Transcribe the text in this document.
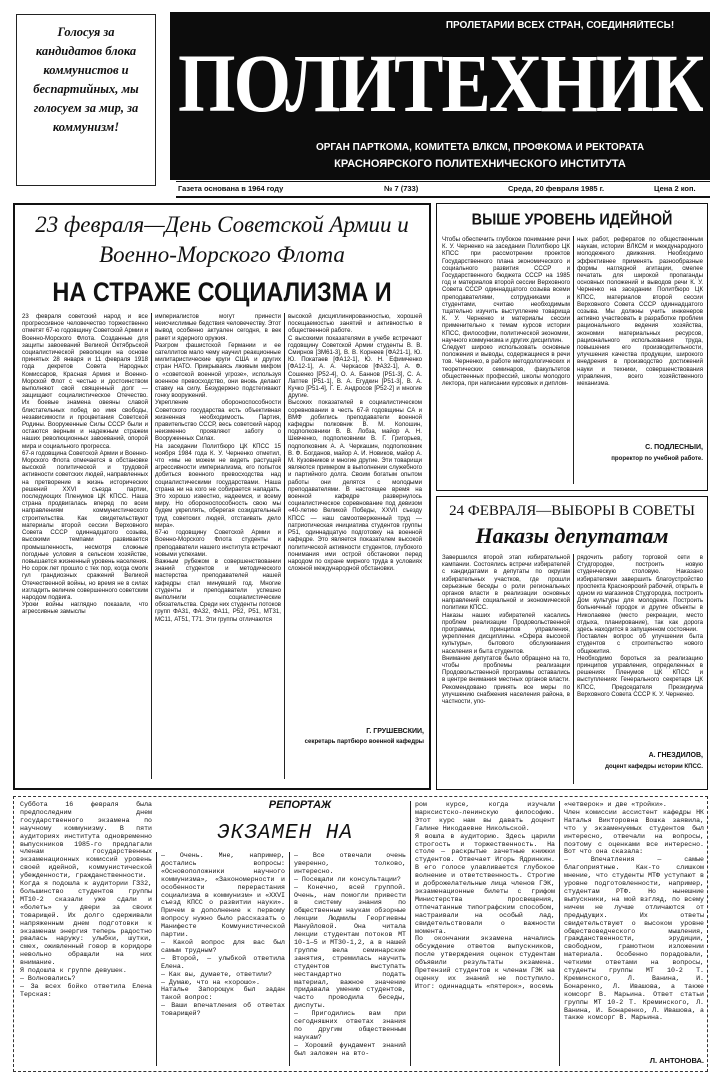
Голосуя за кандидатов блока коммунистов и беспартийных, мы голосуем за мир, за коммунизм!
ПРОЛЕТАРИИ ВСЕХ СТРАН, СОЕДИНЯЙТЕСЬ!
ПОЛИТЕХНИК
ОРГАН ПАРТКОМА, КОМИТЕТА ВЛКСМ, ПРОФКОМА И РЕКТОРАТА
КРАСНОЯРСКОГО ПОЛИТЕХНИЧЕСКОГО ИНСТИТУТА
Газета основана в 1964 году	№ 7 (733)	Среда, 20 февраля 1985 г.	Цена 2 коп.
23 февраля—День Советской Армии и Военно-Морского Флота
НА СТРАЖЕ СОЦИАЛИЗМА И
23 февраля советский народ и все прогрессивное человечество торжественно отметят 67-ю годовщину Советской Армии и Военно-Морского Флота. Созданные для защиты завоеваний Великой Октябрьской социалистической революции на основе принятых 28 января и 11 февраля 1918 года декретов Совета Народных Комиссаров, Красная Армия и Военно-Морской Флот с честью и достоинством выполняют свой священный долг — защищают социалистическое Отечество. Их боевые знамена овеяны славой блистательных побед во имя свободы, независимости и процветания Советской Родины. Вооруженные Силы СССР были и остаются верным и надежным стражем наших революционных завоеваний, опорой мира и социального прогресса.
67-я годовщина Советской Армии и Военно-Морского Флота отмечается в обстановке высокой политической и трудовой активности советских людей, направленных на претворение в жизнь исторических решений XXVI съезда партии, последующих Пленумов ЦК КПСС. Наша страна продвигалась вперед по всем направлениям коммунистического строительства. Как свидетельствуют материалы второй сессии Верховного Совета СССР одиннадцатого созыва, высокими темпами развивается промышленность, несмотря сложные погодные условия в сельском хозяйстве, повышается жизненный уровень населения.
Но сорок лет прошло с тех пор, когда смолк гул грандиозных сражений Великой Отечественной войны, но время не в силах изгладить величие совершенного советским народом подвига.
Уроки войны нагляднo показали, что агрессивные замыслы
империалистов могут принести неисчислимые бедствия человечеству. Этот вывод особенно актуален сегодня, в век ракет и ядерного оружия.
Разгром фашистской Германии и ее сателлитов мало чему научил реакционные милитаристические круги США и других стран НАТО. Прикрываясь лживым мифом о «советской военной угрозе», используя военное превосходство, они вновь делают ставку на силу. Безудержно подстегивают гонку вооружений.
Укрепление обороноспособности Советского государства есть объективная жизненная необходимость. Партия, правительство СССР, весь советский народ неизменно проявляют заботу о Вооруженных Силах.
На заседании Политбюро ЦК КПСС 15 ноября 1984 года К. У. Черненко отметил, что «мы не можем не видеть растущей агрессивности империализма, его попыток добиться военного превосходства над социалистическими государствами. Наша страна ни на кого не собирается нападать. Это хорошо известно, надеемся, и всему миру. Но обороноспособность свою мы будем укреплять, оберегая созидательный труд советских людей, отстаивать дело мира».
67-ю годовщину Советской Армии и Военно-Морского Флота студенты и преподаватели нашего института встречают новыми успехами.
Важным рубежом в совершенствовании знаний студентов и методического мастерства преподавателей нашей кафедры стал минувший год. Многие студенты и преподаватели успешно выполнили социалистические обязательства. Среди них студенты потоков групп ФА31, ФА32, ФА11, Р52, Р51, МТ31, МС11, АТ51, Т71. Эти группы отличаются
высокой дисциплинированностью, хорошей посещаемостью занятий и активностью в общественной работе.
С высокими показателями в учебе встречают годовщину Советской Армии студенты В. В. Смирнов [ЗМ61-3], В. В. Корнеев [ФА21-1], Ю. Ю. Покатаев [ФА12-1], Ю. Н. Ефимченко [ФА12-1], А. А. Черкасов [ФА32-1], А. Ф. Сошенко [Р52-4], О. А. Баннов [Р51-3], С. А. Лаптев [Р51-1], В. А. Егудкин [Р51-3], В. А. Кучко [Р51-4], Г. Е. Андросов [Р52-2] и многие другие.
Высоких показателей в социалистическом соревновании в честь 67-й годовщины СА и ВМФ добились преподаватели военной кафедры полковник В. М. Колошин, подполковники В. В. Лобза, майор А. Н. Шевченко, подполковники В. Г. Григорьев, подполковник А. А. Черкашин, подполковник В. Ф. Богданов, майор А. И. Новиков, майор А. М. Кузовников и многие другие. Эти товарищи являются примером в выполнении служебного и партийного долга. Своим богатым опытом работы они делятся с молодыми преподавателями. В настоящее время на военной кафедре развернулось социалистическое соревнование под девизом «40-летию Великой Победы, XXVII съезду КПСС — наш самоотверженный труд — патриотическая инициатива студентов группы Р51, одиннадцатую подготовку на военной кафедре. Это является показателем высокой политической активности студентов, глубокого понимания ими острой обстановки перед народом по охране мирного труда в условиях сложной международной обстановки.
Г. ГРУШЕВСКИЙ,
секретарь партбюро военной кафедры
ВЫШЕ УРОВЕНЬ ИДЕЙНОЙ
Чтобы обеспечить глубокое понимание речи К. У. Черненко на заседании Политбюро ЦК КПСС при рассмотрении проектов Государственного плана экономического и социального развития СССР и Государственного бюджета СССР на 1985 год и материалов второй сессии Верховного Совета СССР одиннадцатого созыва всеми преподавателями, сотрудниками и студентами, считаю необходимым тщательно изучить выступление товарища К. У. Черненко и материалы сессии применительно к темам курсов истории КПСС, философии, политической экономии, научного коммунизма и других дисциплин.
Следует широко использовать основные положения и выводы, содержащиеся в речи тов. Черненко, в работе методологических и теоретических семинаров, факультетов общественных профессий, школы молодого лектора, при написании курсовых и диплом-
ных работ, рефератов по общественным наукам, истории ВЛКСМ и международного молодежного движения. Необходимо эффективнее применять разнообразные формы наглядной агитации, смелее печатать для широкой пропаганды основных положений и выводов речи К. У. Черненко на заседании Политбюро ЦК КПСС, материалов второй сессии Верховного Совета СССР одиннадцатого созыва. Мы должны учить инженеров активно участвовать в разработке проблем рационального ведения хозяйства, экономии материальных ресурсов, рационального использования труда, повышения его производительности, улучшения качества продукции, широкого внедрения в производство достижений науки и техники, совершенствования управления, всего хозяйственного механизма.
С. ПОДЛЕСНЫЙ,
проректор по учебной работе.
24 ФЕВРАЛЯ—ВЫБОРЫ В СОВЕТЫ
Наказы депутатам
Завершился второй этап избирательной кампании. Состоялись встречи избирателей с кандидатами в депутаты по округам избирательных участков, где прошли серьезные беседы о роли региональных органов власти в реализации основных направлений социальной и экономической политики КПСС.
Наказы наших избирателей касались проблем реализации Продовольственной программы, принципов управления, укрепления дисциплины. «Сфера высокой культуры», бытового обслуживания населения и быта студентов.
Внимание депутатов было обращено на то, чтобы проблемы реализации Продовольственной программы оставались в центре внимания местных органов власти. Рекомендовано принять все меры по улучшению снабжения населения района, в частности, упо-
рядочить работу торговой сети в Студгородке, построить новую студенческую столовую. Наказано избирателями завершить благоустройство проспекта Красноярский рабочий, открыть в одном из магазинов Студгородка, построить Дом культуры для молодежи. Построить больничный городок и другие объекты в Николаевке (место рекреации, место отдыха, планирование), так как дорога здесь находится в запущенном состоянии.
Поставлен вопрос об улучшении быта студентов с строительство нового общежития.
Необходимо бороться за реализацию принципов управления, определенных в решениях Пленумов ЦК КПСС и выступлениях Генерального секретаря ЦК КПСС, Председателя Президиума Верховного Совета СССР К. У. Черненко.
А. ГНЕЗДИЛОВ,
доцент кафедры истории КПСС.
РЕПОРТАЖ
ЭКЗАМЕН НА
Суббота 16 февраля была предпоследним днем государственного экзамена по научному коммунизму. В пяти аудиториях института одновременно выпускников 1985-го предлагали членам государственных экзаменационных комиссий уровень своей идейной, коммунистической убежденности, гражданственности.
Когда я подошла к аудитории ГЗ32, большинство студентов группы МТ10-2 сказали уже сдали и «болеть» у двери за своих товарищей. Их долго сдерживали напряженным днем подготовки к экзаменам энергия теперь радостно рвалась наружу: улыбки, шутки, смех, оживленный говор в коридоре невольно обращали на них внимание.
Я подошла к группе девушек.
— Волновались?
— За всех бойко ответила Елена Терская:
— Очень. Мне, например, достались вопросы: «Основоположники научного коммунизма», «Закономерности и особенности перерастания социализма в коммунизм» и «XXVI съезд КПСС о развитии науки». Причем в дополнение к первому вопросу нужно было рассказать о Манифесте Коммунистической партии.
— Какой вопрос для вас был самым трудным?
— Второй, — улыбкой ответила Елена.
— Как вы, думаете, ответили?
— Думаю, что на «хорошо».
Наталье Запорощук был задан такой вопрос:
— Ваши впечатления об ответах товарищей?
— Все отвечали очень уверенно, толково, интересно.
— Посещали ли консультации?
— Конечно, всей группой. Очень, нам помогли привести в систему знания по общественным наукам обзорные лекции Людмилы Георгиевны Мануйловой. Она читала лекции студентам потоков МТ 10-1—5 и МТ30-1,2, а в нашей группе вела семинарские занятия, стремилась научить студентов выступать нестандартно подать материал, важное значение придавала умению студентов, часто проводила беседы, диспуты.
— Пригодились вам при сегодняшних ответах знания по другим общественным наукам?
— Хороший фундамент знаний был заложен на вто-
ром курсе, когда изучали марксистско-ленинскую философию. Этот курс нам вы давать доцент Галине Никодаевне Никольской.
Я вошла в аудиторию. Здесь царили строгость и торжественность. На столе — раскрытые зачетные книжки студентов. Отвечает Игорь Ядринкин. В его голосе улавливается глубокое волнение и ответственность. Строгие и доброжелательные лица членов ГЭК, экзаменационные билеты с грифом Министерства просвещения, отпечатанные типографским способом, настраивали на особый лад, свидетельствовали о важности момента.
По окончании экзамена начались обсуждение ответов выпускников, после утверждения оценок студентам объявили результаты экзамена. Претензий студентов к членам ГЭК на оценку их знаний не поступило. Итог: одиннадцать «пятерок», восемь
«четверок» и две «тройки».
Член комиссии ассистент кафедры НК Наталья Викторовна Вошка заявила, что у экзаменуемых студентов был интересно, отвечали на вопросы, поэтому с оценками все интересно. Вот что она сказала:
— Впечатления — самые благоприятные. Как-то слишком мнение, что студенты МТФ уступают в уровне подготовленности, например, студентам РТФ. Но нынешние выпускники, на мой взгляд, по всему ничем не лучше отличаются от предыдущих. Их ответы свидетельствуют о высоком уровне обществоведческого мышления, гражданственности, эрудиции, свободном, грамотном изложении материала. Особенно порадовали, четкими ответами на вопросы, студенты группы МТ 10-2 Т. Креминского, Л. Ванина, И. Бонаренко, Л. Ивашова, а также комсорг В. Марьина. Ответ статьи группы МТ 10-2 Т. Креминского, Л. Ванина, И. Бонаренко, Л. Ивашова, а также комсорг В. Марьина.
Л. АНТОНОВА.
